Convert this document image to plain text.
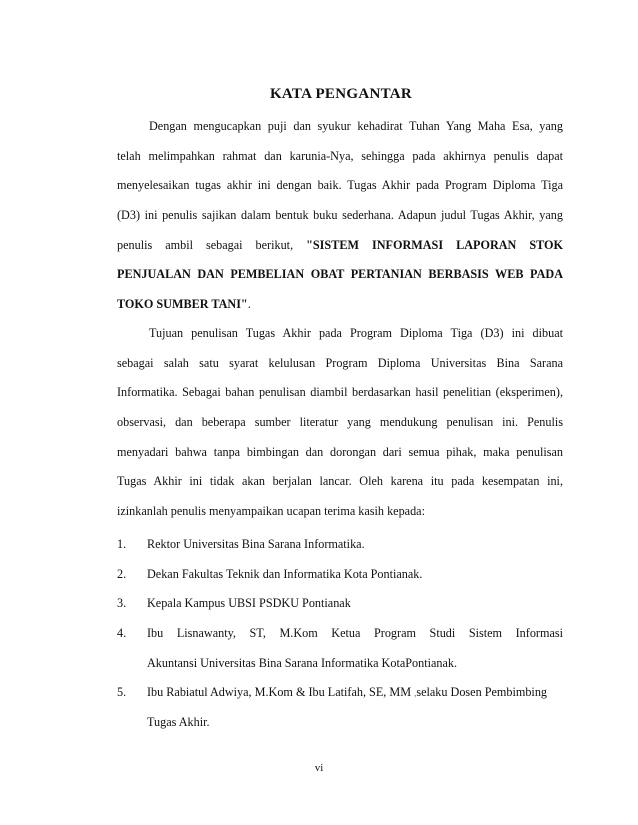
KATA PENGANTAR
Dengan mengucapkan puji dan syukur kehadirat Tuhan Yang Maha Esa, yang
telah melimpahkan rahmat dan karunia-Nya, sehingga pada akhirnya penulis dapat
menyelesaikan tugas akhir ini dengan baik. Tugas Akhir pada Program Diploma Tiga
(D3) ini penulis sajikan dalam bentuk buku sederhana. Adapun judul Tugas Akhir, yang
penulis ambil sebagai berikut, "SISTEM INFORMASI LAPORAN STOK
PENJUALAN DAN PEMBELIAN OBAT PERTANIAN BERBASIS WEB PADA
TOKO SUMBER TANI".
Tujuan penulisan Tugas Akhir pada Program Diploma Tiga (D3) ini dibuat
sebagai salah satu syarat kelulusan Program Diploma Universitas Bina Sarana
Informatika. Sebagai bahan penulisan diambil berdasarkan hasil penelitian (eksperimen),
observasi, dan beberapa sumber literatur yang mendukung penulisan ini. Penulis
menyadari bahwa tanpa bimbingan dan dorongan dari semua pihak, maka penulisan
Tugas Akhir ini tidak akan berjalan lancar. Oleh karena itu pada kesempatan ini,
izinkanlah penulis menyampaikan ucapan terima kasih kepada:
1.	Rektor Universitas Bina Sarana Informatika.
2.	Dekan Fakultas Teknik dan Informatika Kota Pontianak.
3.	Kepala Kampus UBSI PSDKU Pontianak
4.	Ibu Lisnawanty, ST, M.Kom Ketua Program Studi Sistem Informasi
Akuntansi Universitas Bina Sarana Informatika KotaPontianak.
5.	Ibu Rabiatul Adwiya, M.Kom & Ibu Latifah, SE, MM ,selaku Dosen Pembimbing
Tugas Akhir.
vi
